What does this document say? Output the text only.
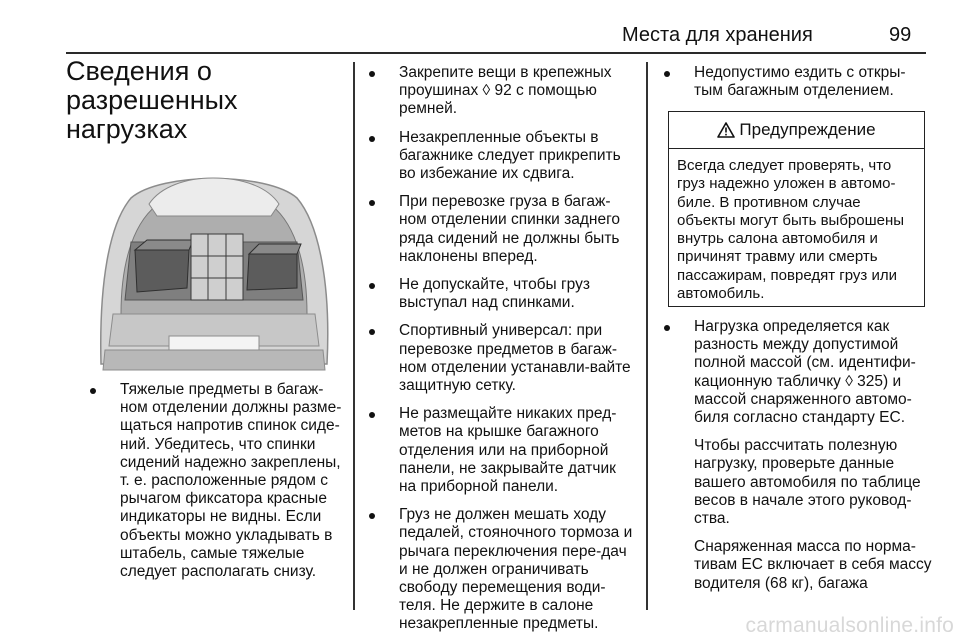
Места для хранения	99
Сведения о
разрешенных
нагрузках

Тяжелые предметы в багаж-ном отделении должны разме-щаться напротив спинок сиде-ний. Убедитесь, что спинки сидений надежно закреплены, т. е. расположенные рядом с рычагом фиксатора красные индикаторы не видны. Если объекты можно укладывать в штабель, самые тяжелые следует располагать снизу.

Закрепите вещи в крепежных проушинах ◊ 92 с помощью ремней.

Незакрепленные объекты в багажнике следует прикрепить во избежание их сдвига.

При перевозке груза в багаж-ном отделении спинки заднего ряда сидений не должны быть наклонены вперед.

Не допускайте, чтобы груз выступал над спинками.

Спортивный универсал: при перевозке предметов в багаж-ном отделении устанавли-вайте защитную сетку.

Не размещайте никаких пред-метов на крышке багажного отделения или на приборной панели, не закрывайте датчик на приборной панели.

Груз не должен мешать ходу педалей, стояночного тормоза и рычага переключения пере-дач и не должен ограничивать свободу перемещения води-теля. Не держите в салоне незакрепленные предметы.

Недопустимо ездить с откры-тым багажным отделением.

Предупреждение
Всегда следует проверять, что груз надежно уложен в автомо-биле. В противном случае объекты могут быть выброшены внутрь салона автомобиля и причинят травму или смерть пассажирам, повредят груз или автомобиль.

Нагрузка определяется как разность между допустимой полной массой (см. идентифи-кационную табличку ◊ 325) и массой снаряженного автомо-биля согласно стандарту ЕС.

Чтобы рассчитать полезную нагрузку, проверьте данные вашего автомобиля по таблице весов в начале этого руковод-ства.

Снаряженная масса по норма-тивам ЕС включает в себя массу водителя (68 кг), багажа

carmanualsonline.info
